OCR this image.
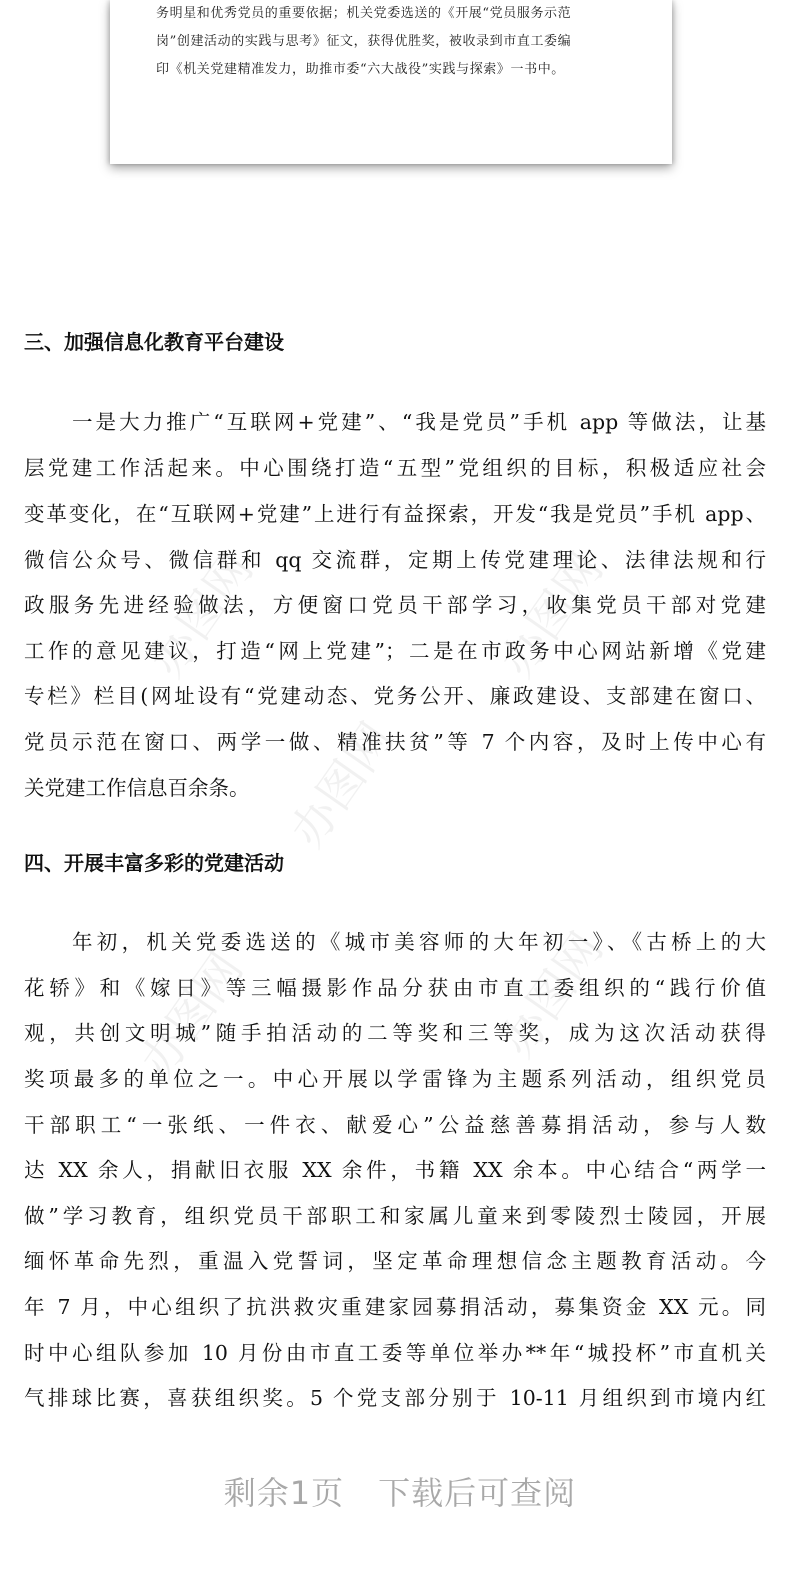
务明星和优秀党员的重要依据；机关党委选送的《开展“党员服务示范
岗”创建活动的实践与思考》征文，获得优胜奖，被收录到市直工委编
印《机关党建精准发力，助推市委“六大战役”实践与探索》一书中。
办图网	办图网
办图网
办图网	办图网
三、加强信息化教育平台建设
一是大力推广“互联网+党建”、“我是党员”手机 app 等做法，让基
层党建工作活起来。中心围绕打造“五型”党组织的目标，积极适应社会
变革变化，在“互联网+党建”上进行有益探索，开发“我是党员”手机 app、
微信公众号、微信群和 qq 交流群，定期上传党建理论、法律法规和行
政服务先进经验做法，方便窗口党员干部学习，收集党员干部对党建
工作的意见建议，打造“网上党建”；二是在市政务中心网站新增《党建
专栏》栏目(网址设有“党建动态、党务公开、廉政建设、支部建在窗口、
党员示范在窗口、两学一做、精准扶贫”等 7 个内容，及时上传中心有
关党建工作信息百余条。
四、开展丰富多彩的党建活动
年初，机关党委选送的《城市美容师的大年初一》、《古桥上的大
花轿》和《嫁日》等三幅摄影作品分获由市直工委组织的“践行价值
观，共创文明城”随手拍活动的二等奖和三等奖，成为这次活动获得
奖项最多的单位之一。中心开展以学雷锋为主题系列活动，组织党员
干部职工“一张纸、一件衣、献爱心”公益慈善募捐活动，参与人数
达 XX 余人，捐献旧衣服 XX 余件，书籍 XX 余本。中心结合“两学一
做”学习教育，组织党员干部职工和家属儿童来到零陵烈士陵园，开展
缅怀革命先烈，重温入党誓词，坚定革命理想信念主题教育活动。今
年 7 月，中心组织了抗洪救灾重建家园募捐活动，募集资金 XX 元。同
时中心组队参加 10 月份由市直工委等单位举办**年“城投杯”市直机关
气排球比赛，喜获组织奖。5 个党支部分别于 10-11 月组织到市境内红
剩余1页 下载后可查阅
